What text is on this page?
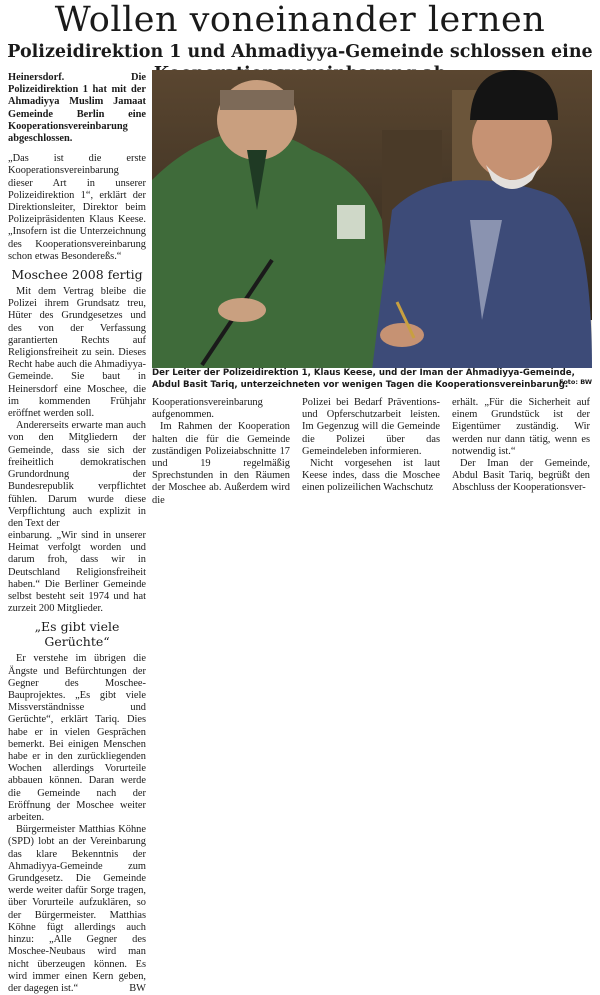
Wollen voneinander lernen
Polizeidirektion 1 und Ahmadiyya-Gemeinde schlossen eine

Heinersdorf. Die Polizeidirektion 1 hat mit der Ahmadiyya Muslim Jamaat Gemeinde Berlin eine Kooperationsvereinbarung abgeschlossen.

„Das ist die erste Kooperationsvereinbarung dieser Art in unserer Polizeidirektion 1“, erklärt der Direktionsleiter, Direktor beim Polizeipräsidenten Klaus Keese. „Insofern ist die Unterzeichnung des Kooperationsvereinbarung schon etwas Besondereßs.“

Moschee 2008 fertig

Mit dem Vertrag bleibe die Polizei ihrem Grundsatz treu, Hüter des Grundgesetzes und des von der Verfassung garantierten Rechts auf Religionsfreiheit zu sein. Dieses Recht habe auch die Ahmadiyya-Gemeinde. Sie baut in Heinersdorf eine Moschee, die im kommenden Frühjahr eröffnet werden soll.

Andererseits erwarte man auch von den Mitgliedern der Gemeinde, dass sie sich der freiheitlich demokratischen Grundordnung der Bundesrepublik verpflichtet fühlen. Darum wurde diese Verpflichtung auch explizit in den Text der

Der Leiter der Polizeidirektion 1, Klaus Keese, und der Iman der Ahmadiyya-Gemeinde, Abdul Basit Tariq, unterzeichneten vor wenigen Tagen die Kooperationsvereinbarung.
Foto: BW

Kooperationsvereinbarung aufgenommen.

Im Rahmen der Kooperation halten die für die Gemeinde zuständigen Polizeiabschnitte 17 und 19 regelmäßig Sprechstunden in den Räumen der Moschee ab. Außerdem wird die

Polizei bei Bedarf Präventions- und Opferschutzarbeit leisten. Im Gegenzug will die Gemeinde die Polizei über das Gemeindeleben informieren.

Nicht vorgesehen ist laut Keese indes, dass die Moschee einen polizeilichen Wachschutz

erhält. „Für die Sicherheit auf einem Grundstück ist der Eigentümer zuständig. Wir werden nur dann tätig, wenn es notwendig ist.“

Der Iman der Gemeinde, Abdul Basit Tariq, begrüßt den Abschluss der Kooperationsver-

einbarung. „Wir sind in unserer Heimat verfolgt worden und darum froh, dass wir in Deutschland Religionsfreiheit haben.“ Die Berliner Gemeinde selbst besteht seit 1974 und hat zurzeit 200 Mitglieder.

„Es gibt viele Gerüchte“

Er verstehe im übrigen die Ängste und Befürchtungen der Gegner des Moschee-Bauprojektes. „Es gibt viele Missverständnisse und Gerüchte“, erklärt Tariq. Dies habe er in vielen Gesprächen bemerkt. Bei einigen Menschen habe er in den zurückliegenden Wochen allerdings Vorurteile abbauen können. Daran werde die Gemeinde nach der Eröffnung der Moschee weiter arbeiten.

Bürgermeister Matthias Köhne (SPD) lobt an der Vereinbarung das klare Bekenntnis der Ahmadiyya-Gemeinde zum Grundgesetz. Die Gemeinde werde weiter dafür Sorge tragen, über Vorurteile aufzuklären, so der Bürgermeister. Matthias Köhne fügt allerdings auch hinzu: „Alle Gegner des Moschee-Neubaus wird man nicht überzeugen können. Es wird immer einen Kern geben, der dagegen ist.“	BW
